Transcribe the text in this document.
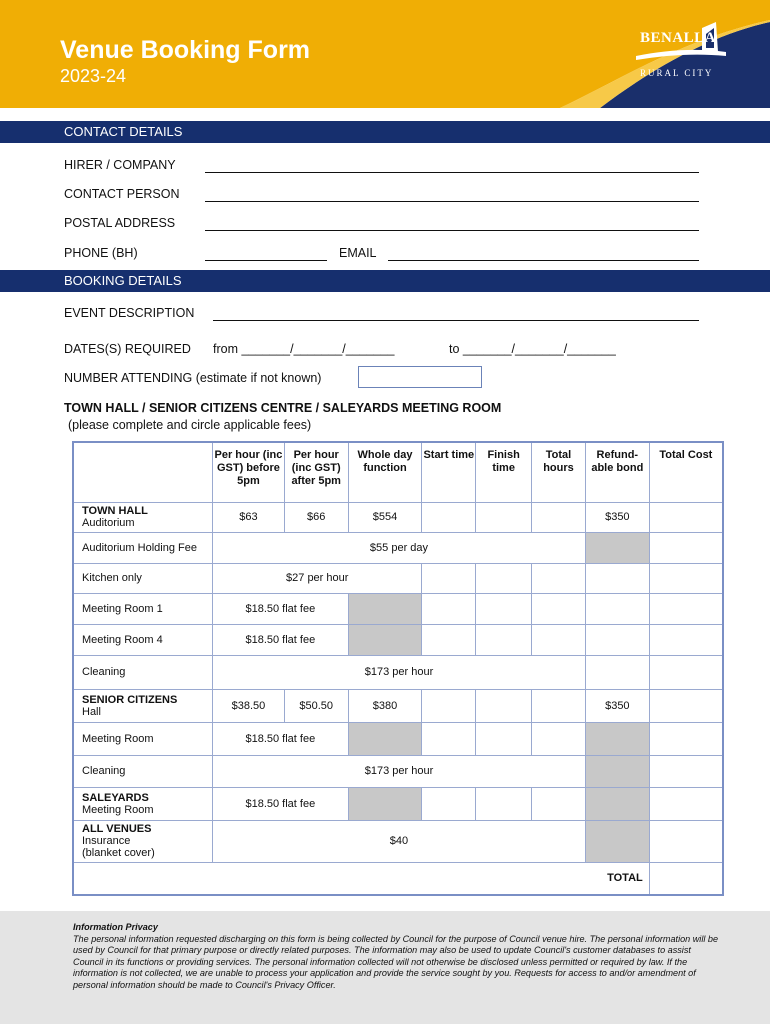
Venue Booking Form
2023-24
BENALLA
RURAL CITY
CONTACT DETAILS
HIRER / COMPANY
CONTACT PERSON
POSTAL ADDRESS
PHONE (BH)	EMAIL
BOOKING DETAILS
EVENT DESCRIPTION
DATES(S) REQUIRED from _______/_______/_______	to _______/_______/_______
NUMBER ATTENDING (estimate if not known)
TOWN HALL / SENIOR CITIZENS CENTRE / SALEYARDS MEETING ROOM
(please complete and circle applicable fees)
	Per hour (inc GST) before 5pm	Per hour (inc GST) after 5pm	Whole day function	Start time	Finish time	Total hours	Refund-able bond	Total Cost
TOWN HALL
Auditorium	$63	$66	$554				$350	
Auditorium Holding Fee	$55 per day							
Kitchen only	$27 per hour							
Meeting Room 1	$18.50 flat fee							
Meeting Room 4	$18.50 flat fee							
Cleaning	$173 per hour							
SENIOR CITIZENS
Hall	$38.50	$50.50	$380				$350	
Meeting Room	$18.50 flat fee							
Cleaning	$173 per hour							
SALEYARDS
Meeting Room	$18.50 flat fee							
ALL VENUES
Insurance
(blanket cover)	$40							
TOTAL								
Information Privacy
The personal information requested discharging on this form is being collected by Council for the purpose of Council venue hire. The personal information will be used by Council for that primary purpose or directly related purposes. The information may also be used to update Council's customer databases to assist Council in its functions or providing services. The personal information collected will not otherwise be disclosed unless permitted or required by law. If the information is not collected, we are unable to process your application and provide the service sought by you. Requests for access to and/or amendment of personal information should be made to Council's Privacy Officer.
